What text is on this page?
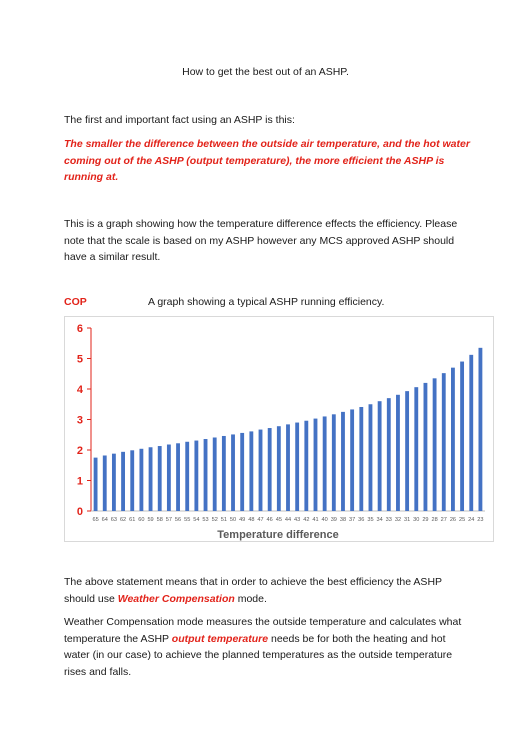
How to get the best out of an ASHP.
The first and important fact using an ASHP is this:
The smaller the difference between the outside air temperature, and the hot water coming out of the ASHP (output temperature), the more efficient the ASHP is running at.
This is a graph showing how the temperature difference effects the efficiency. Please note that the scale is based on my ASHP however any MCS approved ASHP should have a similar result.
COP	A graph showing a typical ASHP running efficiency.
0
1
2
3
4
5
6
65 64 63 62 61 60 59 58 57 56 55 54 53 52 51 50 49 48 47 46 45 44 43 42 41 40 39 38 37 36 35 34 33 32 31 30 29 28 27 26 25 24 23
Temperature difference
The above statement means that in order to achieve the best efficiency the ASHP should use Weather Compensation mode.
Weather Compensation mode measures the outside temperature and calculates what temperature the ASHP output temperature needs be for both the heating and hot water (in our case) to achieve the planned temperatures as the outside temperature rises and falls.
